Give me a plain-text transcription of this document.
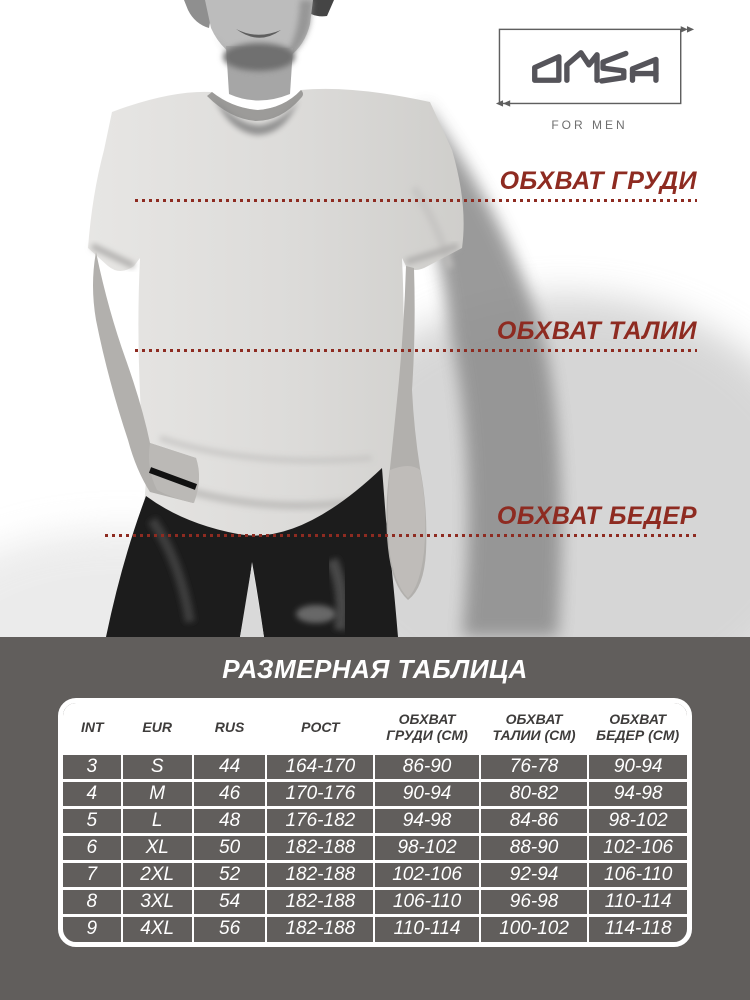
FOR MEN
ОБХВАТ ГРУДИ
ОБХВАТ ТАЛИИ
ОБХВАТ БЕДЕР
РАЗМЕРНАЯ ТАБЛИЦА
INT	EUR	RUS	РОСТ	ОБХВАТ ГРУДИ (СМ)	ОБХВАТ ТАЛИИ (СМ)	ОБХВАТ БЕДЕР (СМ)
3	S	44	164-170	86-90	76-78	90-94
4	M	46	170-176	90-94	80-82	94-98
5	L	48	176-182	94-98	84-86	98-102
6	XL	50	182-188	98-102	88-90	102-106
7	2XL	52	182-188	102-106	92-94	106-110
8	3XL	54	182-188	106-110	96-98	110-114
9	4XL	56	182-188	110-114	100-102	114-118
